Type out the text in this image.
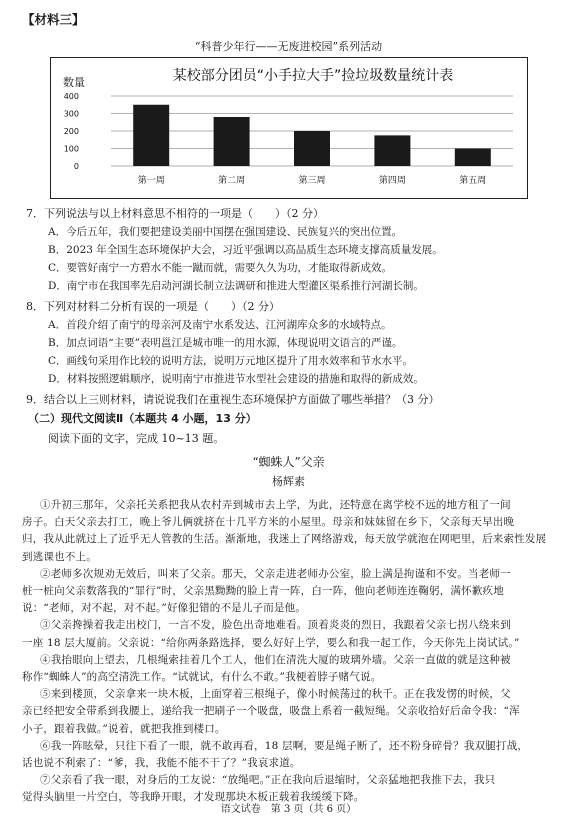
【材料三】
“科普少年行——无废进校园”系列活动
某校部分团员“小手拉大手”捡垃圾数量统计表
数量
400
300
200
100
0
第一周	第二周	第三周	第四周	第五周
7．下列说法与以上材料意思不相符的一项是（　　）（2 分）
A．今后五年，我们要把建设美丽中国摆在强国建设、民族复兴的突出位置。
B．2023 年全国生态环境保护大会，习近平强调以高品质生态环境支撑高质量发展。
C．要管好南宁一方碧水不能一蹴而就，需要久久为功，才能取得新成效。
D．南宁市在我国率先启动河湖长制立法调研和推进大型灌区渠系推行河湖长制。
8．下列对材料二分析有误的一项是（　　）（2 分）
A．首段介绍了南宁的母亲河及南宁水系发达、江河湖库众多的水域特点。
B．加点词语“主要”表明邕江是城市唯一的用水源，体现说明文语言的严谨。
C．画线句采用作比较的说明方法，说明万元地区提升了用水效率和节水水平。
D．材料按照逻辑顺序，说明南宁市推进节水型社会建设的措施和取得的新成效。
9．结合以上三则材料，请说说我们在重视生态环境保护方面做了哪些举措？（3 分）
（二）现代文阅读Ⅱ（本题共 4 小题，13 分）
阅读下面的文字，完成 10~13 题。
“蜘蛛人”父亲
杨辉素
①升初三那年，父亲托关系把我从农村弄到城市去上学，为此，还特意在离学校不远的地方租了一间
房子。白天父亲去打工，晚上爷儿俩就挤在十几平方米的小屋里。母亲和妹妹留在乡下，父亲每天早出晚
归，我从此就过上了近乎无人管教的生活。渐渐地，我迷上了网络游戏，每天放学就泡在网吧里，后来索性发展
到逃课也不上。
②老师多次规劝无效后，叫来了父亲。那天，父亲走进老师办公室，脸上满是拘谨和不安。当老师一
桩一桩向父亲数落我的“罪行”时，父亲黑黝黝的脸上青一阵，白一阵，他向老师连连鞠躬，满怀歉疚地
说：“老师，对不起，对不起。”好像犯错的不是儿子而是他。
③父亲搀操着我走出校门，一言不发，脸色出奇地难看。顶着炎炎的烈日，我跟着父亲七拐八绕来到
一座 18 层大厦前。父亲说：“给你两条路选择，要么好好上学，要么和我一起工作，今天你先上岗试试。”
④我抬眼向上望去，几根绳索挂着几个工人，他们在清洗大厦的玻璃外墙。父亲一直做的就是这种被
称作“蜘蛛人”的高空清洗工作。“试就试，有什么不敢。”我梗着脖子赌气说。
⑤来到楼顶，父亲拿来一块木板，上面穿着三根绳子，像小时候荡过的秋千。正在我发愣的时候，父
亲已经把安全带系到我腰上，递给我一把刷子一个吸盘，吸盘上系着一截短绳。父亲收拾好后命令我：“浑
小子，跟着我做。”说着，就把我推到楼口。
⑥我一阵眩晕，只往下看了一眼，就不敢再看，18 层啊，要是绳子断了，还不粉身碎骨？我双腿打战，
话也说不利索了：“爹，我，我能不能不干了？”我哀求道。
⑦父亲看了我一眼，对身后的工友说：“放绳吧。”正在我向后退缩时，父亲猛地把我推下去，我只
觉得头脑里一片空白，等我睁开眼，才发现那块木板正载着我缓缓下降。
语文试卷　第 3 页（共 6 页）
